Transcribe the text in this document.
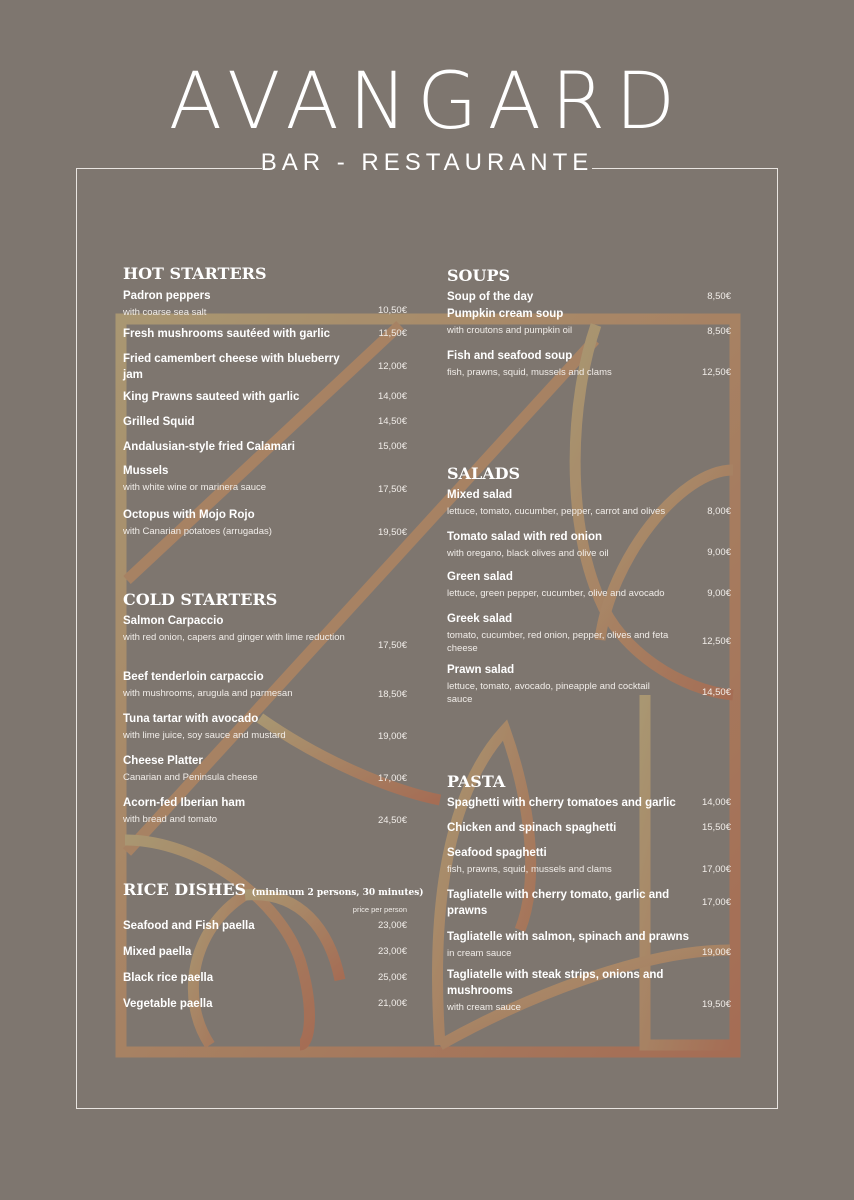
AVANGARD
BAR - RESTAURANTE
HOT STARTERS
Padron peppers
with coarse sea salt	10,50€
Fresh mushrooms sautéed with garlic	11,50€
Fried camembert cheese with blueberry jam
12,00€
King Prawns sauteed with garlic	14,00€
Grilled Squid	14,50€
Andalusian-style fried Calamari	15,00€
Mussels
with white wine or marinera sauce	17,50€
Octopus with Mojo Rojo
with Canarian potatoes (arrugadas)	19,50€
COLD STARTERS
Salmon Carpaccio
with red onion, capers and ginger with lime reduction
17,50€
Beef tenderloin carpaccio
with mushrooms, arugula and parmesan	18,50€
Tuna tartar with avocado
with lime juice, soy sauce and mustard	19,00€
Cheese Platter
Canarian and Peninsula cheese	17,00€
Acorn-fed Iberian ham
with bread and tomato	24,50€
RICE DISHES (minimum 2 persons, 30 minutes)
price per person
Seafood and Fish paella	23,00€
Mixed paella	23,00€
Black rice paella	25,00€
Vegetable paella	21,00€
SOUPS
Soup of the day	8,50€
Pumpkin cream soup
with croutons and pumpkin oil	8,50€
Fish and seafood soup
fish, prawns, squid, mussels and clams	12,50€
SALADS
Mixed salad
lettuce, tomato, cucumber, pepper, carrot and olives	8,00€
Tomato salad with red onion
with oregano, black olives and olive oil	9,00€
Green salad
lettuce, green pepper, cucumber, olive and avocado	9,00€
Greek salad
tomato, cucumber, red onion, pepper, olives and feta cheese
12,50€
Prawn salad
lettuce, tomato, avocado, pineapple and cocktail sauce
14,50€
PASTA
Spaghetti with cherry tomatoes and garlic	14,00€
Chicken and spinach spaghetti	15,50€
Seafood spaghetti
fish, prawns, squid, mussels and clams	17,00€
Tagliatelle with cherry tomato, garlic and prawns
17,00€
Tagliatelle with salmon, spinach and prawns
in cream sauce	19,00€
Tagliatelle with steak strips, onions and mushrooms
with cream sauce	19,50€
